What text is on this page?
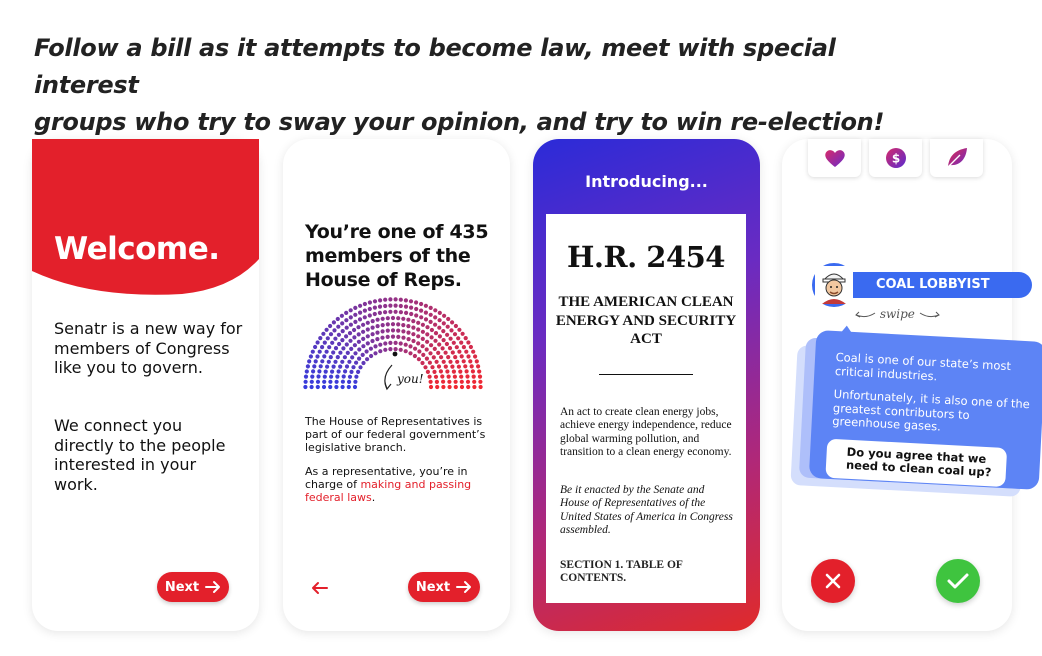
Follow a bill as it attempts to become law, meet with special interest
groups who try to sway your opinion, and try to win re-election!

Welcome.

Senatr is a new way for members of Congress like you to govern.

We connect you directly to the people interested in your work.

Next

You’re one of 435 members of the House of Reps.

you!

The House of Representatives is part of our federal government’s legislative branch.

As a representative, you’re in charge of making and passing federal laws.

Next

Introducing...

H.R. 2454

THE AMERICAN CLEAN ENERGY AND SECURITY ACT

An act to create clean energy jobs, achieve energy independence, reduce global warming pollution, and transition to a clean energy economy.

Be it enacted by the Senate and House of Representatives of the United States of America in Congress assembled.

SECTION 1. TABLE OF CONTENTS.

$
COAL LOBBYIST
swipe

Coal is one of our state’s most critical industries.

Unfortunately, it is also one of the greatest contributors to greenhouse gases.

Do you agree that we need to clean coal up?
